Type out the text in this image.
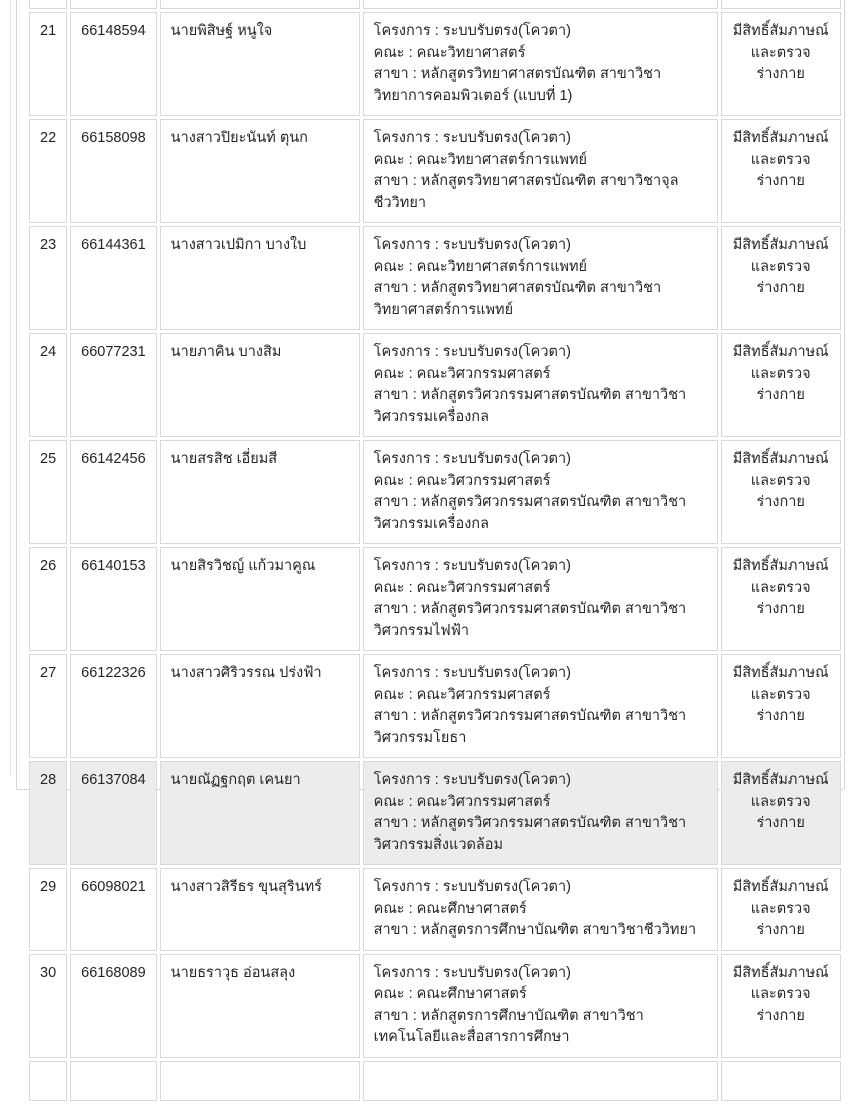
21	66148594	นายพิสิษฐ์ หนูใจ	โครงการ : ระบบรับตรง(โควตา)
คณะ : คณะวิทยาศาสตร์
สาขา : หลักสูตรวิทยาศาสตรบัณฑิต สาขาวิชาวิทยาการคอมพิวเตอร์ (แบบที่ 1)	มีสิทธิ์สัมภาษณ์และตรวจร่างกาย
22	66158098	นางสาวปิยะนันท์ ตุนก	โครงการ : ระบบรับตรง(โควตา)
คณะ : คณะวิทยาศาสตร์การแพทย์
สาขา : หลักสูตรวิทยาศาสตรบัณฑิต สาขาวิชาจุลชีววิทยา	มีสิทธิ์สัมภาษณ์และตรวจร่างกาย
23	66144361	นางสาวเปมิกา บางใบ	โครงการ : ระบบรับตรง(โควตา)
คณะ : คณะวิทยาศาสตร์การแพทย์
สาขา : หลักสูตรวิทยาศาสตรบัณฑิต สาขาวิชาวิทยาศาสตร์การแพทย์	มีสิทธิ์สัมภาษณ์และตรวจร่างกาย
24	66077231	นายภาคิน บางสิม	โครงการ : ระบบรับตรง(โควตา)
คณะ : คณะวิศวกรรมศาสตร์
สาขา : หลักสูตรวิศวกรรมศาสตรบัณฑิต สาขาวิชาวิศวกรรมเครื่องกล	มีสิทธิ์สัมภาษณ์และตรวจร่างกาย
25	66142456	นายสรสิช เอี่ยมสี	โครงการ : ระบบรับตรง(โควตา)
คณะ : คณะวิศวกรรมศาสตร์
สาขา : หลักสูตรวิศวกรรมศาสตรบัณฑิต สาขาวิชาวิศวกรรมเครื่องกล	มีสิทธิ์สัมภาษณ์และตรวจร่างกาย
26	66140153	นายสิรวิชญ์ แก้วมาคูณ	โครงการ : ระบบรับตรง(โควตา)
คณะ : คณะวิศวกรรมศาสตร์
สาขา : หลักสูตรวิศวกรรมศาสตรบัณฑิต สาขาวิชาวิศวกรรมไฟฟ้า	มีสิทธิ์สัมภาษณ์และตรวจร่างกาย
27	66122326	นางสาวศิริวรรณ ปร่งฟ้า	โครงการ : ระบบรับตรง(โควตา)
คณะ : คณะวิศวกรรมศาสตร์
สาขา : หลักสูตรวิศวกรรมศาสตรบัณฑิต สาขาวิชาวิศวกรรมโยธา	มีสิทธิ์สัมภาษณ์และตรวจร่างกาย
28	66137084	นายณัฏฐกฤต เคนยา	โครงการ : ระบบรับตรง(โควตา)
คณะ : คณะวิศวกรรมศาสตร์
สาขา : หลักสูตรวิศวกรรมศาสตรบัณฑิต สาขาวิชาวิศวกรรมสิ่งแวดล้อม	มีสิทธิ์สัมภาษณ์และตรวจร่างกาย
29	66098021	นางสาวสิรีธร ขุนสุรินทร์	โครงการ : ระบบรับตรง(โควตา)
คณะ : คณะศึกษาศาสตร์
สาขา : หลักสูตรการศึกษาบัณฑิต สาขาวิชาชีววิทยา	มีสิทธิ์สัมภาษณ์และตรวจร่างกาย
30	66168089	นายธราวุธ อ่อนสลุง	โครงการ : ระบบรับตรง(โควตา)
คณะ : คณะศึกษาศาสตร์
สาขา : หลักสูตรการศึกษาบัณฑิต สาขาวิชาเทคโนโลยีและสื่อสารการศึกษา	มีสิทธิ์สัมภาษณ์และตรวจร่างกาย
